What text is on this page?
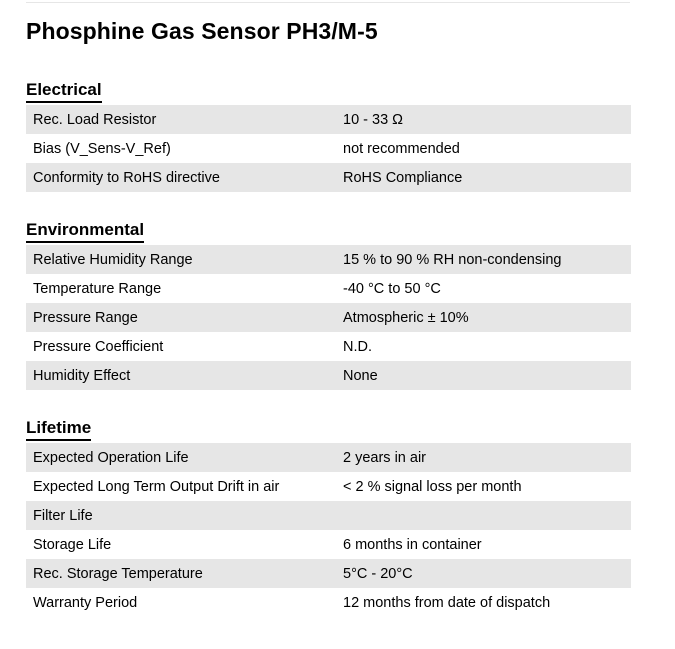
Phosphine Gas Sensor PH3/M-5
Electrical
Rec. Load Resistor	10 - 33 Ω
Bias (V_Sens-V_Ref)	not recommended
Conformity to RoHS directive	RoHS Compliance
Environmental
Relative Humidity Range	15 % to 90 % RH non-condensing
Temperature Range	-40 °C to 50 °C
Pressure Range	Atmospheric ± 10%
Pressure Coefficient	N.D.
Humidity Effect	None
Lifetime
Expected Operation Life	2 years in air
Expected Long Term Output Drift in air	< 2 % signal loss per month
Filter Life	
Storage Life	6 months in container
Rec. Storage Temperature	5°C - 20°C
Warranty Period	12 months from date of dispatch
